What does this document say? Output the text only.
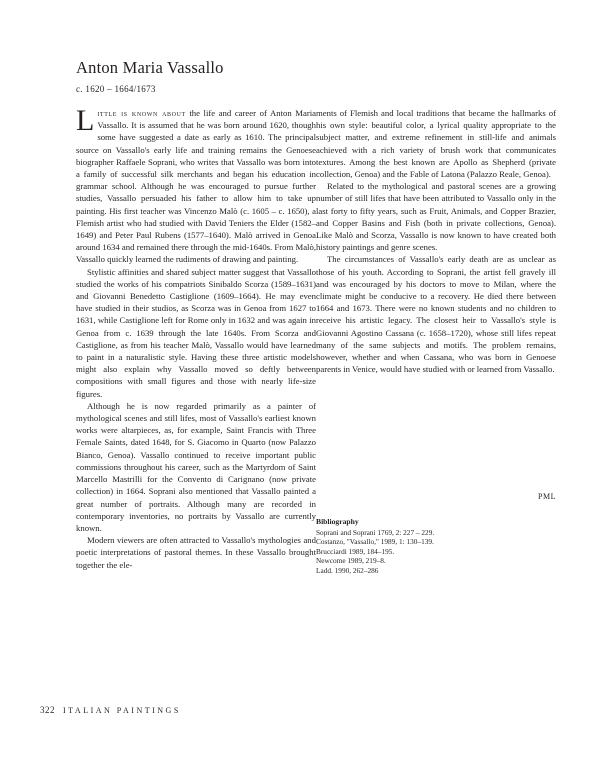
Anton Maria Vassallo
c. 1620 – 1664/1673

Little is known about the life and career of Anton Maria Vassallo. It is assumed that he was born around 1620, though some have suggested a date as early as 1610. The principal source on Vassallo's early life and training remains the Genoese biographer Raffaele Soprani, who writes that Vassallo was born into a family of successful silk merchants and began his education in grammar school. Although he was encouraged to pursue further studies, Vassallo persuaded his father to allow him to take up painting. His first teacher was Vincenzo Malò (c. 1605 – c. 1650), a Flemish artist who had studied with David Teniers the Elder (1582–1649) and Peter Paul Rubens (1577–1640). Malò arrived in Genoa around 1634 and remained there through the mid-1640s. From Malò, Vassallo quickly learned the rudiments of drawing and painting.

Stylistic affinities and shared subject matter suggest that Vassallo studied the works of his compatriots Sinibaldo Scorza (1589–1631) and Giovanni Benedetto Castiglione (1609–1664). He may even have studied in their studios, as Scorza was in Genoa from 1627 to 1631, while Castiglione left for Rome only in 1632 and was again in Genoa from c. 1639 through the late 1640s. From Scorza and Castiglione, as from his teacher Malò, Vassallo would have learned to paint in a naturalistic style. Having these three artistic models might also explain why Vassallo moved so deftly between compositions with small figures and those with nearly life-size figures.

Although he is now regarded primarily as a painter of mythological scenes and still lifes, most of Vassallo's earliest known works were altarpieces, as, for example, Saint Francis with Three Female Saints, dated 1648, for S. Giacomo in Quarto (now Palazzo Bianco, Genoa). Vassallo continued to receive important public commissions throughout his career, such as the Martyrdom of Saint Marcello Mastrilli for the Convento di Carignano (now private collection) in 1664. Soprani also mentioned that Vassallo painted a great number of portraits. Although many are recorded in contemporary inventories, no portraits by Vassallo are currently known.

Modern viewers are often attracted to Vassallo's mythologies and poetic interpretations of pastoral themes. In these Vassallo brought together the ele-

ments of Flemish and local traditions that became the hallmarks of his own style: beautiful color, a lyrical quality appropriate to the subject matter, and extreme refinement in still-life and animals achieved with a rich variety of brush work that communicates textures. Among the best known are Apollo as Shepherd (private collection, Genoa) and the Fable of Latona (Palazzo Reale, Genoa).

Related to the mythological and pastoral scenes are a growing number of still lifes that have been attributed to Vassallo only in the last forty to fifty years, such as Fruit, Animals, and Copper Brazier, and Copper Basins and Fish (both in private collections, Genoa). Like Malò and Scorza, Vassallo is now known to have created both history paintings and genre scenes.

The circumstances of Vassallo's early death are as unclear as those of his youth. According to Soprani, the artist fell gravely ill and was encouraged by his doctors to move to Milan, where the climate might be conducive to a recovery. He died there between 1664 and 1673. There were no known students and no children to receive his artistic legacy. The closest heir to Vassallo's style is Giovanni Agostino Cassana (c. 1658–1720), whose still lifes repeat many of the same subjects and motifs. The problem remains, however, whether and when Cassana, who was born in Genoese parents in Venice, would have studied with or learned from Vassallo.

PML
Bibliography
Soprani and Soprani 1769, 2: 227 – 229.
Costanzo, "Vassallo," 1989, 1: 130–139.
Brucciardi 1989, 184–195.
Newcome 1989, 219–8.
Ladd. 1990, 262–286
322 ITALIAN PAINTINGS
